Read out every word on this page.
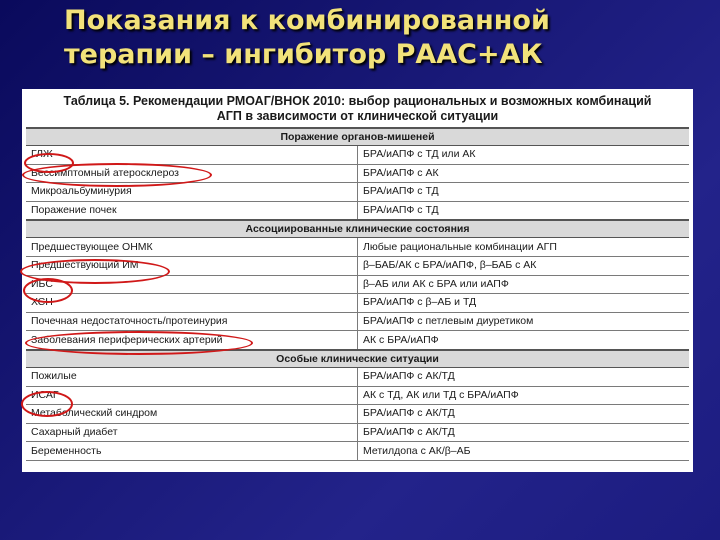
Показания к комбинированной
терапии – ингибитор РААС+АК
Таблица 5. Рекомендации РМОАГ/ВНОК 2010: выбор рациональных и возможных комбинаций
АГП в зависимости от клинической ситуации
Поражение органов-мишеней	
ГЛЖ	БРА/иАПФ с ТД или АК
Бессимптомный атеросклероз	БРА/иАПФ с АК
Микроальбуминурия	БРА/иАПФ с ТД
Поражение почек	БРА/иАПФ с ТД
Ассоциированные клинические состояния	
Предшествующее ОНМК	Любые рациональные комбинации АГП
Предшествующий ИМ	β–БАБ/АК с БРА/иАПФ, β–БАБ с АК
ИБС	β–АБ или АК с БРА или иАПФ
ХСН	БРА/иАПФ с β–АБ и ТД
Почечная недостаточность/протеинурия	БРА/иАПФ с петлевым диуретиком
Заболевания периферических артерий	АК с БРА/иАПФ
Особые клинические ситуации	
Пожилые	БРА/иАПФ с АК/ТД
ИСАГ	АК с ТД, АК или ТД с БРА/иАПФ
Метаболический синдром	БРА/иАПФ с АК/ТД
Сахарный диабет	БРА/иАПФ с АК/ТД
Беременность	Метилдопа с АК/β–АБ
